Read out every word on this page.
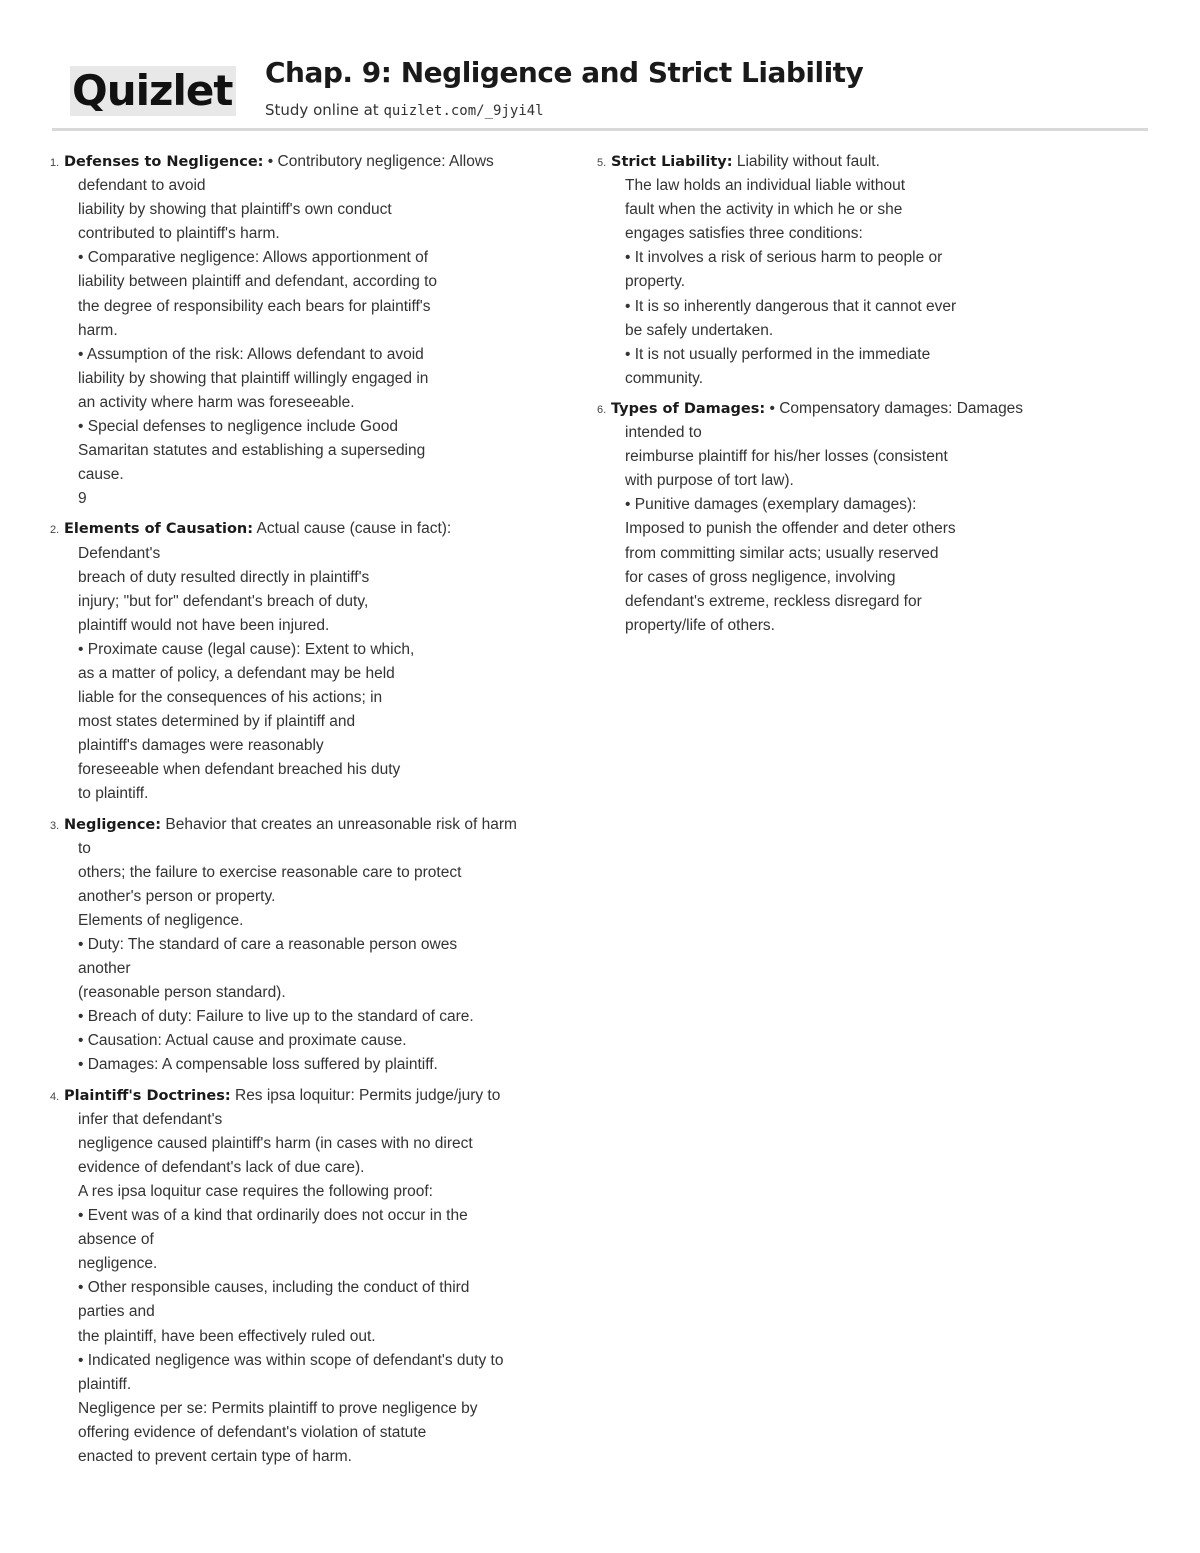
Quizlet Chap. 9: Negligence and Strict Liability
Study online at quizlet.com/_9jyi4l
1. Defenses to Negligence: • Contributory negligence: Allows
defendant to avoid
liability by showing that plaintiff's own conduct
contributed to plaintiff's harm.
• Comparative negligence: Allows apportionment of
liability between plaintiff and defendant, according to
the degree of responsibility each bears for plaintiff's
harm.
• Assumption of the risk: Allows defendant to avoid
liability by showing that plaintiff willingly engaged in
an activity where harm was foreseeable.
• Special defenses to negligence include Good
Samaritan statutes and establishing a superseding
cause.
9
2. Elements of Causation: Actual cause (cause in fact):
Defendant's
breach of duty resulted directly in plaintiff's
injury; "but for" defendant's breach of duty,
plaintiff would not have been injured.
• Proximate cause (legal cause): Extent to which,
as a matter of policy, a defendant may be held
liable for the consequences of his actions; in
most states determined by if plaintiff and
plaintiff's damages were reasonably
foreseeable when defendant breached his duty
to plaintiff.
3. Negligence: Behavior that creates an unreasonable risk of harm
to
others; the failure to exercise reasonable care to protect
another's person or property.
Elements of negligence.
• Duty: The standard of care a reasonable person owes
another
(reasonable person standard).
• Breach of duty: Failure to live up to the standard of care.
• Causation: Actual cause and proximate cause.
• Damages: A compensable loss suffered by plaintiff.
4. Plaintiff's Doctrines: Res ipsa loquitur: Permits judge/jury to
infer that defendant's
negligence caused plaintiff's harm (in cases with no direct
evidence of defendant's lack of due care).
A res ipsa loquitur case requires the following proof:
• Event was of a kind that ordinarily does not occur in the
absence of
negligence.
• Other responsible causes, including the conduct of third
parties and
the plaintiff, have been effectively ruled out.
• Indicated negligence was within scope of defendant's duty to
plaintiff.
Negligence per se: Permits plaintiff to prove negligence by
offering evidence of defendant's violation of statute
enacted to prevent certain type of harm.
5. Strict Liability: Liability without fault.
The law holds an individual liable without
fault when the activity in which he or she
engages satisfies three conditions:
• It involves a risk of serious harm to people or
property.
• It is so inherently dangerous that it cannot ever
be safely undertaken.
• It is not usually performed in the immediate
community.
6. Types of Damages: • Compensatory damages: Damages
intended to
reimburse plaintiff for his/her losses (consistent
with purpose of tort law).
• Punitive damages (exemplary damages):
Imposed to punish the offender and deter others
from committing similar acts; usually reserved
for cases of gross negligence, involving
defendant's extreme, reckless disregard for
property/life of others.
